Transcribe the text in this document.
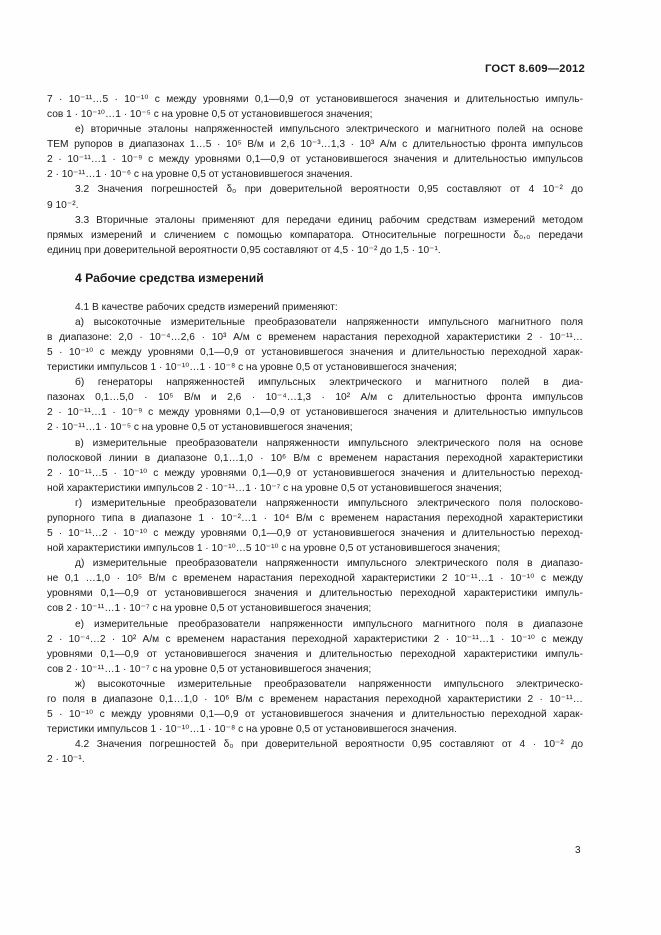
ГОСТ 8.609—2012
7 · 10⁻¹¹…5 · 10⁻¹⁰ с между уровнями 0,1—0,9 от установившегося значения и длительностью импуль-
сов 1 · 10⁻¹⁰…1 · 10⁻⁵ с на уровне 0,5 от установившегося значения;
е) вторичные эталоны напряженностей импульсного электрического и магнитного полей на основе
ТЕМ рупоров в диапазонах 1…5 · 10⁵ В/м и 2,6 10⁻³…1,3 · 10³ А/м с длительностью фронта импульсов
2 · 10⁻¹¹…1 · 10⁻⁹ с между уровнями 0,1—0,9 от установившегося значения и длительностью импульсов
2 · 10⁻¹¹…1 · 10⁻⁶ с на уровне 0,5 от установившегося значения.
3.2 Значения погрешностей δ₀ при доверительной вероятности 0,95 составляют от 4 10⁻² до
9 10⁻².
3.3 Вторичные эталоны применяют для передачи единиц рабочим средствам измерений методом
прямых измерений и сличением с помощью компаратора. Относительные погрешности δ₀,₀ передачи
единиц при доверительной вероятности 0,95 составляют от 4,5 · 10⁻² до 1,5 · 10⁻¹.
4 Рабочие средства измерений
4.1 В качестве рабочих средств измерений применяют:
а) высокоточные измерительные преобразователи напряженности импульсного магнитного поля
в диапазоне: 2,0 · 10⁻⁴…2,6 · 10³ А/м с временем нарастания переходной характеристики 2 · 10⁻¹¹…
5 · 10⁻¹⁰ с между уровнями 0,1—0,9 от установившегося значения и длительностью переходной харак-
теристики импульсов 1 · 10⁻¹⁰…1 · 10⁻⁸ с на уровне 0,5 от установившегося значения;
б) генераторы напряженностей импульсных электрического и магнитного полей в диа-
пазонах 0,1…5,0 · 10⁵ В/м и 2,6 · 10⁻⁴…1,3 · 10² А/м с длительностью фронта импульсов
2 · 10⁻¹¹…1 · 10⁻⁹ с между уровнями 0,1—0,9 от установившегося значения и длительностью импульсов
2 · 10⁻¹¹…1 · 10⁻⁵ с на уровне 0,5 от установившегося значения;
в) измерительные преобразователи напряженности импульсного электрического поля на основе
полосковой линии в диапазоне 0,1…1,0 · 10⁶ В/м с временем нарастания переходной характеристики
2 · 10⁻¹¹…5 · 10⁻¹⁰ с между уровнями 0,1—0,9 от установившегося значения и длительностью переход-
ной характеристики импульсов 2 · 10⁻¹¹…1 · 10⁻⁷ с на уровне 0,5 от установившегося значения;
г) измерительные преобразователи напряженности импульсного электрического поля полосково-
рупорного типа в диапазоне 1 · 10⁻²…1 · 10⁴ В/м с временем нарастания переходной характеристики
5 · 10⁻¹¹…2 · 10⁻¹⁰ с между уровнями 0,1—0,9 от установившегося значения и длительностью переход-
ной характеристики импульсов 1 · 10⁻¹⁰…5 10⁻¹⁰ с на уровне 0,5 от установившегося значения;
д) измерительные преобразователи напряженности импульсного электрического поля в диапазо-
не 0,1 …1,0 · 10⁵ В/м с временем нарастания переходной характеристики 2 10⁻¹¹…1 · 10⁻¹⁰ с между
уровнями 0,1—0,9 от установившегося значения и длительностью переходной характеристики импуль-
сов 2 · 10⁻¹¹…1 · 10⁻⁷ с на уровне 0,5 от установившегося значения;
е) измерительные преобразователи напряженности импульсного магнитного поля в диапазоне
2 · 10⁻⁴…2 · 10² А/м с временем нарастания переходной характеристики 2 · 10⁻¹¹…1 · 10⁻¹⁰ с между
уровнями 0,1—0,9 от установившегося значения и длительностью переходной характеристики импуль-
сов 2 · 10⁻¹¹…1 · 10⁻⁷ с на уровне 0,5 от установившегося значения;
ж) высокоточные измерительные преобразователи напряженности импульсного электрическо-
го поля в диапазоне 0,1…1,0 · 10⁶ В/м с временем нарастания переходной характеристики 2 · 10⁻¹¹…
5 · 10⁻¹⁰ с между уровнями 0,1—0,9 от установившегося значения и длительностью переходной харак-
теристики импульсов 1 · 10⁻¹⁰…1 · 10⁻⁸ с на уровне 0,5 от установившегося значения.
4.2 Значения погрешностей δ₀ при доверительной вероятности 0,95 составляют от 4 · 10⁻² до
2 · 10⁻¹.
3
